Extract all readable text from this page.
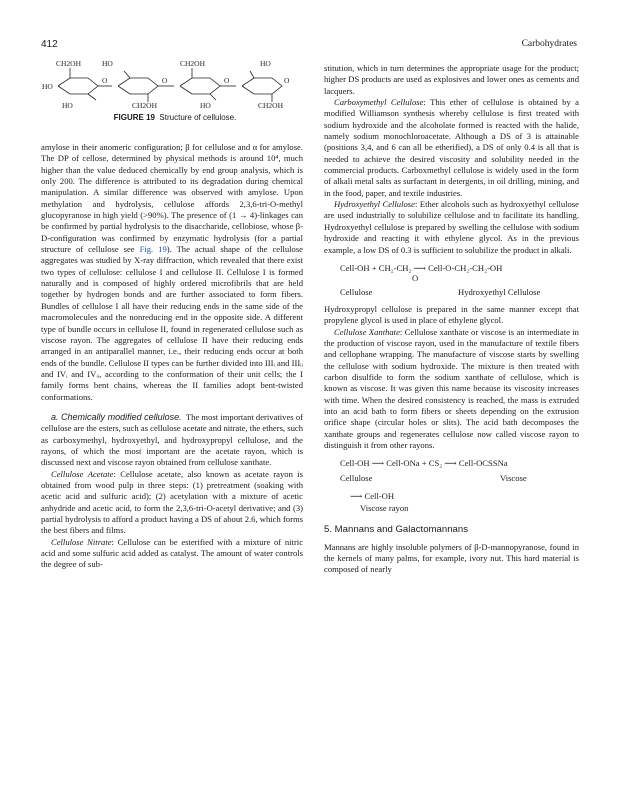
412	Carbohydrates
CH2OH	HO	CH2OH	HO
HO
O	O	O	O
HO	CH2OH	HO	CH2OH
FIGURE 19 Structure of cellulose.

amylose in their anomeric configuration; β for cellulose and α for amylose. The DP of cellose, determined by physical methods is around 10⁴, much higher than the value deduced chemically by end group analysis, which is only 200. The difference is attributed to its degradation during chemical manipulation. A similar difference was observed with amylose. Upon methylation and hydrolysis, cellulose affords 2,3,6-tri-O-methyl glucopyranose in high yield (>90%). The presence of (1 → 4)-linkages can be confirmed by partial hydrolysis to the disaccharide, cellobiose, whose β-D-configuration was confirmed by enzymatic hydrolysis (for a partial structure of cellulose see Fig. 19). The actual shape of the cellulose aggregates was studied by X-ray diffraction, which revealed that there exist two types of cellulose: cellulose I and cellulose II. Cellulose I is formed naturally and is composed of highly ordered microfibrils that are held together by hydrogen bonds and are further associated to form fibers. Bundles of cellulose I all have their reducing ends in the same side of the macromolecules and the nonreducing end in the opposite side. A different type of bundle occurs in cellulose II, found in regenerated cellulose such as viscose rayon. The aggregates of cellulose II have their reducing ends arranged in an antiparallel manner, i.e., their reducing ends occur at both ends of the bundle. Cellulose II types can be further divided into IIIᵢ and IIIᵢᵢ and IVᵢ and IVᵢᵢ, according to the conformation of their unit cells; the I family forms bent chains, whereas the II families adopt bent-twisted conformations.

a. Chemically modified cellulose. The most important derivatives of cellulose are the esters, such as cellulose acetate and nitrate, the ethers, such as carboxymethyl, hydroxyethyl, and hydroxypropyl cellulose, and the rayons, of which the most important are the acetate rayon, which is discussed next and viscose rayon obtained from cellulose xanthate.

Cellulose Acetate: Cellulose acetate, also known as acetate rayon is obtained from wood pulp in three steps: (1) pretreatment (soaking with acetic acid and sulfuric acid); (2) acetylation with a mixture of acetic anhydride and acetic acid, to form the 2,3,6-tri-O-acetyl derivative; and (3) partial hydrolysis to afford a product having a DS of about 2.6, which forms the best fibers and films.

Cellulose Nitrate: Cellulose can be esterified with a mixture of nitric acid and some sulfuric acid added as catalyst. The amount of water controls the degree of sub-

stitution, which in turn determines the appropriate usage for the product; higher DS products are used as explosives and lower ones as cements and lacquers.

Carboxymethyl Cellulose: This ether of cellulose is obtained by a modified Williamson synthesis whereby cellulose is first treated with sodium hydroxide and the alcoholate formed is reacted with the halide, namely sodium monochloroacetate. Although a DS of 3 is attainable (positions 3,4, and 6 can all be etherified), a DS of only 0.4 is all that is needed to achieve the desired viscosity and solubility needed in the commercial products. Carboxmethyl cellulose is widely used in the form of alkali metal salts as surfactant in detergents, in oil drilling, mining, and in the food, paper, and textile industries.

Hydroxyethyl Cellulose: Ether alcohols such as hydroxyethyl cellulose are used industrially to solubilize cellulose and to facilitate its handling. Hydroxyethyl cellulose is prepared by swelling the cellulose with sodium hydroxide and reacting it with ethylene glycol. As in the previous example, a low DS of 0.3 is sufficient to solubilize the product in alkali.

Cell-OH + CH₂-CH₂ ⟶ Cell-O-CH₂-CH₂-OH
O
Cellulose	Hydroxyethyl Cellulose

Hydroxypropyl cellulose is prepared in the same manner except that propylene glycol is used in place of ethylene glycol.

Cellulose Xanthate: Cellulose xanthate or viscose is an intermediate in the production of viscose rayon, used in the manufacture of textile fibers and cellophane wrapping. The manufacture of viscose starts by swelling the cellulose with sodium hydroxide. The mixture is then treated with carbon disulfide to form the sodium xanthate of cellulose, which is known as viscose. It was given this name because its viscosity increases with time. When the desired consistency is reached, the mass is extruded into an acid bath to form fibers or sheets depending on the extrusion orifice shape (circular holes or slits). The acid bath decomposes the xanthate groups and regenerates cellulose now called viscose rayon to distinguish it from other rayons.

Cell-OH ⟶ Cell-ONa + CS₂ ⟶ Cell-OCSSNa
Cellulose	Viscose
⟶ Cell-OH
Viscose rayon
5. Mannans and Galactomannans

Mannans are highly insoluble polymers of β-D-mannopyranose, found in the kernels of many palms, for example, ivory nut. This hard material is composed of nearly
